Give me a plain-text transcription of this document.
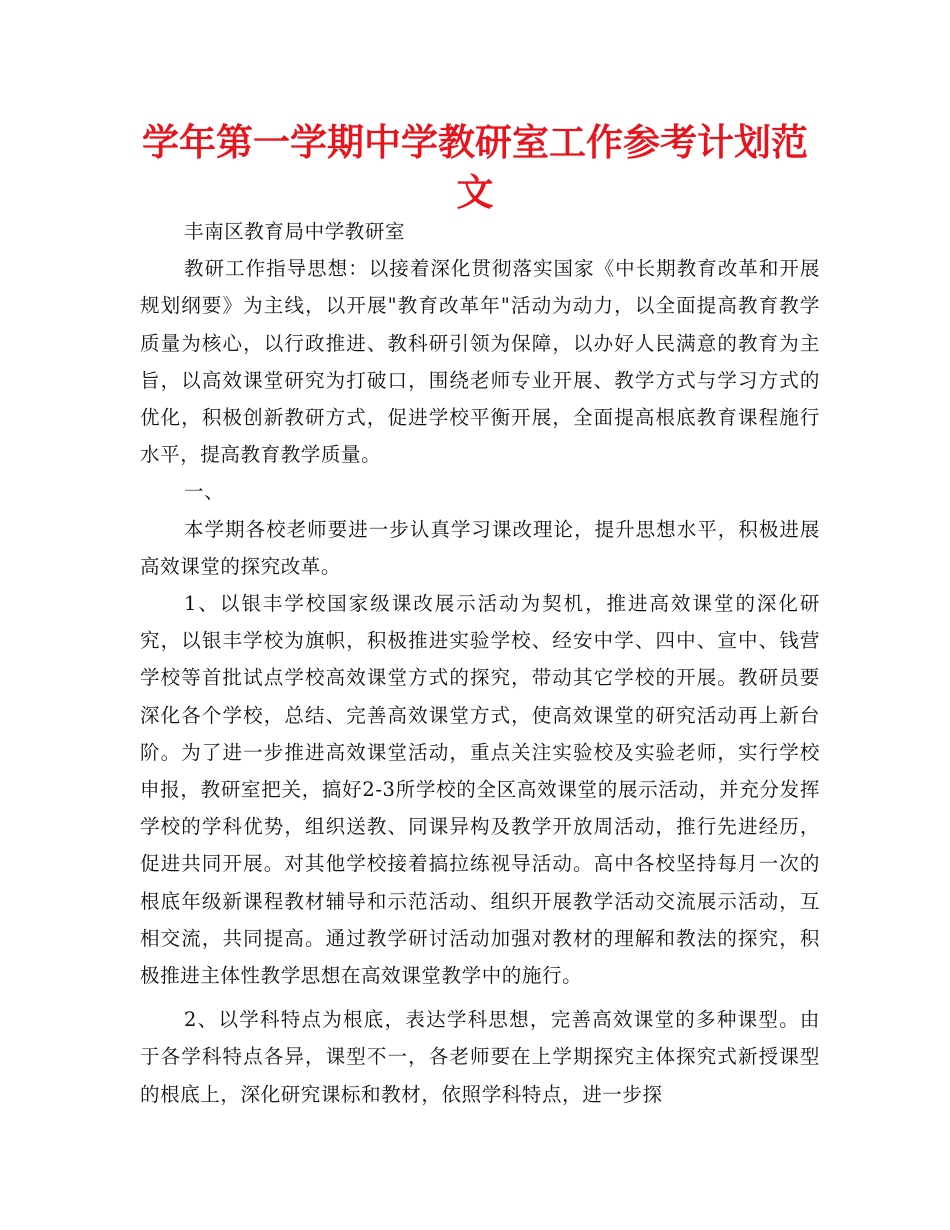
学年第一学期中学教研室工作参考计划范文

丰南区教育局中学教研室

教研工作指导思想：以接着深化贯彻落实国家《中长期教育改革和开展规划纲要》为主线，以开展"教育改革年"活动为动力，以全面提高教育教学质量为核心，以行政推进、教科研引领为保障，以办好人民满意的教育为主旨，以高效课堂研究为打破口，围绕老师专业开展、教学方式与学习方式的优化，积极创新教研方式，促进学校平衡开展，全面提高根底教育课程施行水平，提高教育教学质量。

一、

本学期各校老师要进一步认真学习课改理论，提升思想水平，积极进展高效课堂的探究改革。

1、以银丰学校国家级课改展示活动为契机，推进高效课堂的深化研究，以银丰学校为旗帜，积极推进实验学校、经安中学、四中、宣中、钱营学校等首批试点学校高效课堂方式的探究，带动其它学校的开展。教研员要深化各个学校，总结、完善高效课堂方式，使高效课堂的研究活动再上新台阶。为了进一步推进高效课堂活动，重点关注实验校及实验老师，实行学校申报，教研室把关，搞好2-3所学校的全区高效课堂的展示活动，并充分发挥学校的学科优势，组织送教、同课异构及教学开放周活动，推行先进经历，促进共同开展。对其他学校接着搞拉练视导活动。高中各校坚持每月一次的根底年级新课程教材辅导和示范活动、组织开展教学活动交流展示活动，互相交流，共同提高。通过教学研讨活动加强对教材的理解和教法的探究，积极推进主体性教学思想在高效课堂教学中的施行。

2、以学科特点为根底，表达学科思想，完善高效课堂的多种课型。由于各学科特点各异，课型不一，各老师要在上学期探究主体探究式新授课型的根底上，深化研究课标和教材，依照学科特点，进一步探
